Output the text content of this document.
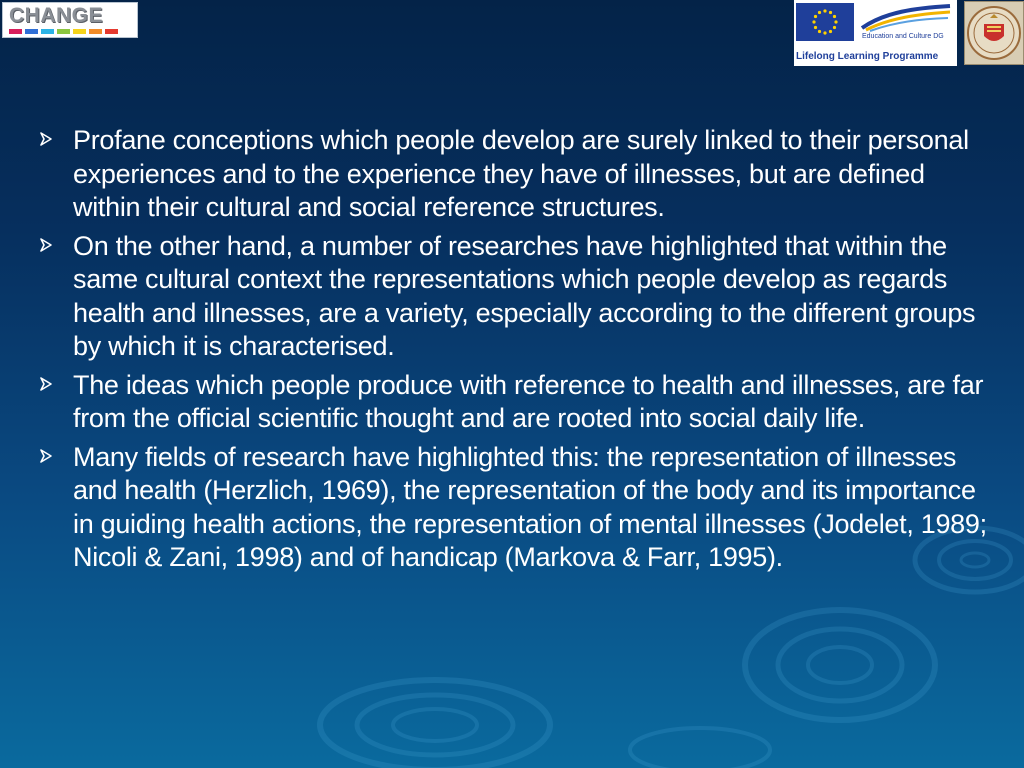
CHANGE
Education and Culture DG
Lifelong Learning Programme
Profane conceptions which people develop are surely linked to their personal experiences and to the experience they have of illnesses, but are defined within their cultural and social reference structures.
On the other hand, a number of researches have highlighted that within the same cultural context the representations which people develop as regards health and illnesses, are a variety, especially according to the different groups by which it is characterised.
The ideas which people produce with reference to health and illnesses, are far from the official scientific thought and are rooted into social daily life.
Many fields of research have highlighted this: the representation of illnesses and health (Herzlich, 1969), the representation of the body and its importance in guiding health actions, the representation of mental illnesses (Jodelet, 1989; Nicoli & Zani, 1998) and of handicap (Markova & Farr, 1995).
